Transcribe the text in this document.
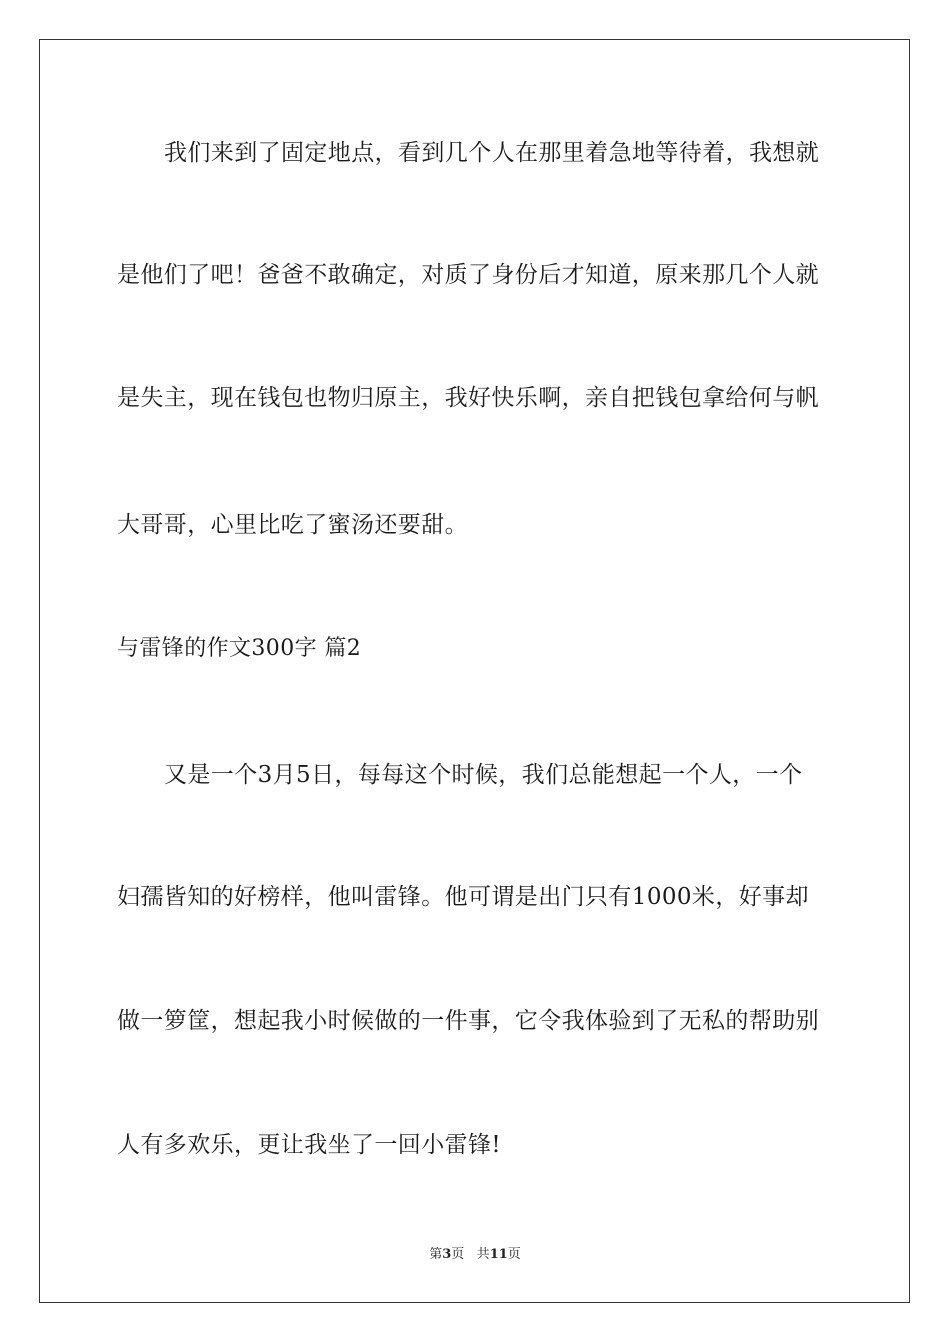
我们来到了固定地点，看到几个人在那里着急地等待着，我想就
是他们了吧！爸爸不敢确定，对质了身份后才知道，原来那几个人就
是失主，现在钱包也物归原主，我好快乐啊，亲自把钱包拿给何与帆
大哥哥，心里比吃了蜜汤还要甜。
与雷锋的作文300字 篇2
又是一个3月5日，每每这个时候，我们总能想起一个人，一个
妇孺皆知的好榜样，他叫雷锋。他可谓是出门只有1000米，好事却
做一箩筐，想起我小时候做的一件事，它令我体验到了无私的帮助别
人有多欢乐，更让我坐了一回小雷锋!
第3页 共11页
